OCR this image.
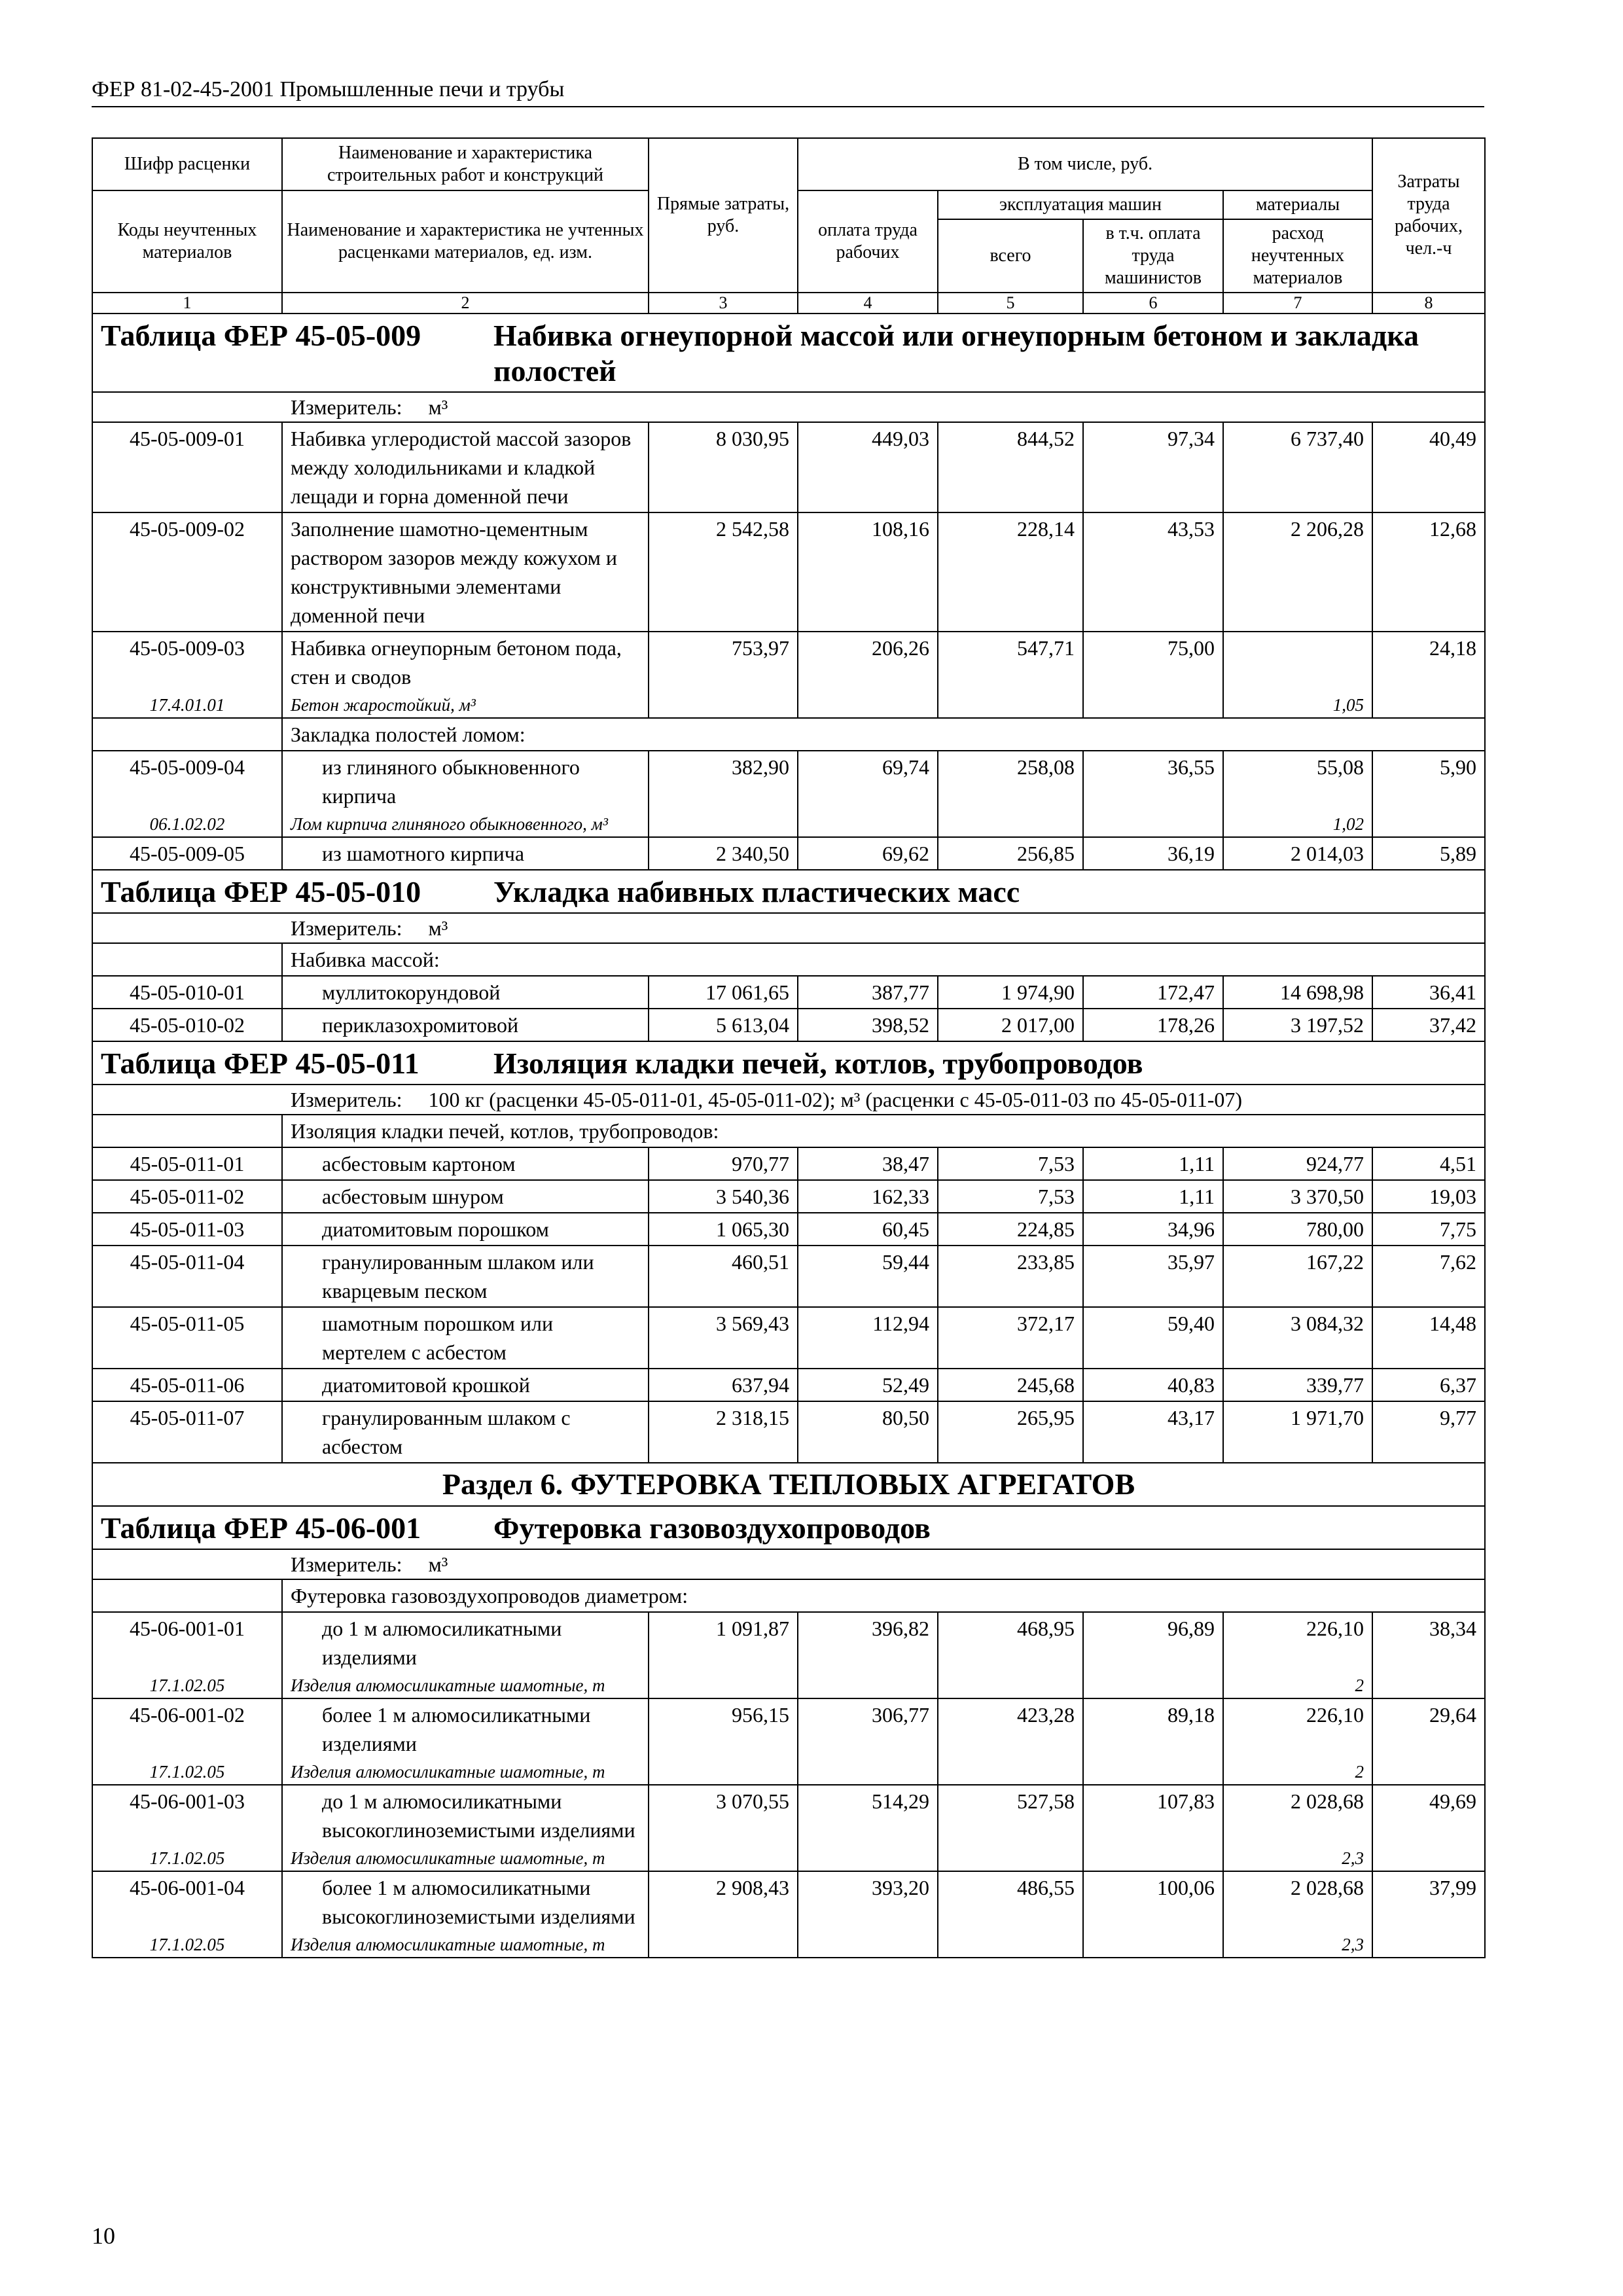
ФЕР 81-02-45-2001 Промышленные печи и трубы
Шифр расценки	Наименование и характеристика строительных работ и конструкций	Прямые затраты, руб.	В том числе, руб.				Затраты труда рабочих, чел.-ч
Коды неучтенных материалов	Наименование и характеристика не учтенных расценками материалов, ед. изм.		оплата труда рабочих	эксплуатация машин		материалы	
				всего	в т.ч. оплата труда машинистов	расход неучтенных материалов	
1	2	3	4	5	6	7	8
Таблица ФЕР 45-05-009 Набивка огнеупорной массой или огнеупорным бетоном и закладка полостей							
Измеритель: м³							
45-05-009-01	Набивка углеродистой массой зазоров между холодильниками и кладкой лещади и горна доменной печи	8 030,95	449,03	844,52	97,34	6 737,40	40,49
45-05-009-02	Заполнение шамотно-цементным раствором зазоров между кожухом и конструктивными элементами доменной печи	2 542,58	108,16	228,14	43,53	2 206,28	12,68
45-05-009-03	Набивка огнеупорным бетоном пода, стен и сводов	753,97	206,26	547,71	75,00		24,18
17.4.01.01	Бетон жаростойкий, м³					1,05	
	Закладка полостей ломом:						
45-05-009-04	из глиняного обыкновенного кирпича	382,90	69,74	258,08	36,55	55,08	5,90
06.1.02.02	Лом кирпича глиняного обыкновенного, м³					1,02	
45-05-009-05	из шамотного кирпича	2 340,50	69,62	256,85	36,19	2 014,03	5,89
Таблица ФЕР 45-05-010 Укладка набивных пластических масс							
Измеритель: м³							
	Набивка массой:						
45-05-010-01	муллитокорундовой	17 061,65	387,77	1 974,90	172,47	14 698,98	36,41
45-05-010-02	периклазохромитовой	5 613,04	398,52	2 017,00	178,26	3 197,52	37,42
Таблица ФЕР 45-05-011 Изоляция кладки печей, котлов, трубопроводов							
Измеритель: 100 кг (расценки 45-05-011-01, 45-05-011-02); м³ (расценки с 45-05-011-03 по 45-05-011-07)							
	Изоляция кладки печей, котлов, трубопроводов:						
45-05-011-01	асбестовым картоном	970,77	38,47	7,53	1,11	924,77	4,51
45-05-011-02	асбестовым шнуром	3 540,36	162,33	7,53	1,11	3 370,50	19,03
45-05-011-03	диатомитовым порошком	1 065,30	60,45	224,85	34,96	780,00	7,75
45-05-011-04	гранулированным шлаком или кварцевым песком	460,51	59,44	233,85	35,97	167,22	7,62
45-05-011-05	шамотным порошком или мертелем с асбестом	3 569,43	112,94	372,17	59,40	3 084,32	14,48
45-05-011-06	диатомитовой крошкой	637,94	52,49	245,68	40,83	339,77	6,37
45-05-011-07	гранулированным шлаком с асбестом	2 318,15	80,50	265,95	43,17	1 971,70	9,77
Раздел 6. ФУТЕРОВКА ТЕПЛОВЫХ АГРЕГАТОВ							
Таблица ФЕР 45-06-001 Футеровка газовоздухопроводов							
Измеритель: м³							
	Футеровка газовоздухопроводов диаметром:						
45-06-001-01	до 1 м алюмосиликатными изделиями	1 091,87	396,82	468,95	96,89	226,10	38,34
17.1.02.05	Изделия алюмосиликатные шамотные, т					2	
45-06-001-02	более 1 м алюмосиликатными изделиями	956,15	306,77	423,28	89,18	226,10	29,64
17.1.02.05	Изделия алюмосиликатные шамотные, т					2	
45-06-001-03	до 1 м алюмосиликатными высокоглиноземистыми изделиями	3 070,55	514,29	527,58	107,83	2 028,68	49,69
17.1.02.05	Изделия алюмосиликатные шамотные, т					2,3	
45-06-001-04	более 1 м алюмосиликатными высокоглиноземистыми изделиями	2 908,43	393,20	486,55	100,06	2 028,68	37,99
17.1.02.05	Изделия алюмосиликатные шамотные, т					2,3	
10
